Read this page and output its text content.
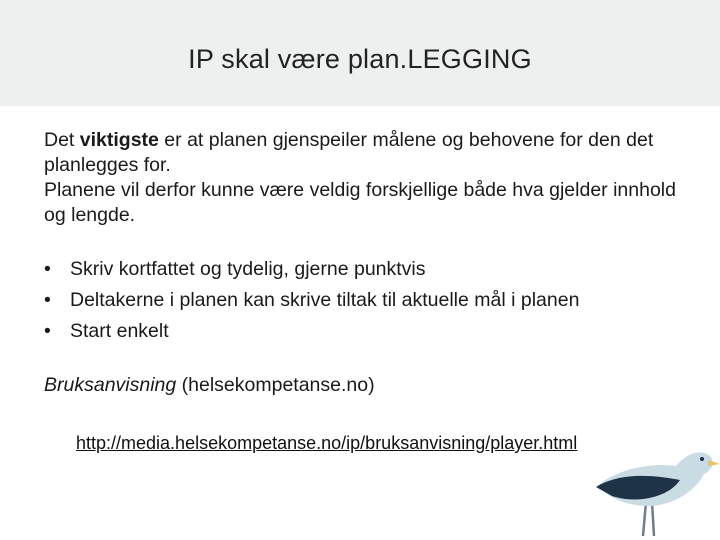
IP skal være plan.LEGGING

Det viktigste er at planen gjenspeiler målene og behovene for den det planlegges for.

Planene vil derfor kunne være veldig forskjellige både hva gjelder innhold og lengde.

•
Skriv kortfattet og tydelig, gjerne punktvis
•
Deltakerne i planen kan skrive tiltak til aktuelle mål i planen
•
Start enkelt

Bruksanvisning (helsekompetanse.no)

http://media.helsekompetanse.no/ip/bruksanvisning/player.html
